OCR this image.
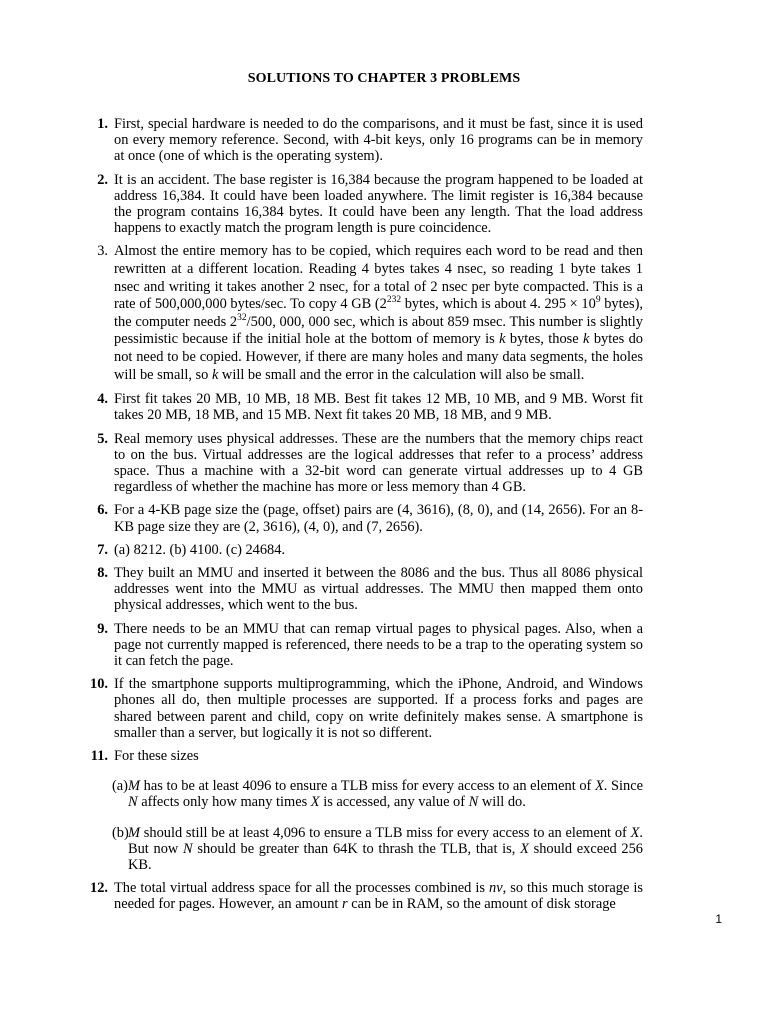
SOLUTIONS TO CHAPTER 3 PROBLEMS
1. First, special hardware is needed to do the comparisons, and it must be fast, since it is used on every memory reference. Second, with 4-bit keys, only 16 programs can be in memory at once (one of which is the operating system).
2. It is an accident. The base register is 16,384 because the program happened to be loaded at address 16,384. It could have been loaded anywhere. The limit register is 16,384 because the program contains 16,384 bytes. It could have been any length. That the load address happens to exactly match the program length is pure coincidence.
3. Almost the entire memory has to be copied, which requires each word to be read and then rewritten at a different location. Reading 4 bytes takes 4 nsec, so reading 1 byte takes 1 nsec and writing it takes another 2 nsec, for a total of 2 nsec per byte compacted. This is a rate of 500,000,000 bytes/sec. To copy 4 GB ($2^{232}$ bytes, which is about 4. $295 \times 10^9$ bytes), the computer needs $2^{32}/500$, 000, 000 sec, which is about 859 msec. This number is slightly pessimistic because if the initial hole at the bottom of memory is k bytes, those k bytes do not need to be copied. However, if there are many holes and many data segments, the holes will be small, so k will be small and the error in the calculation will also be small.
4. First fit takes 20 MB, 10 MB, 18 MB. Best fit takes 12 MB, 10 MB, and 9 MB. Worst fit takes 20 MB, 18 MB, and 15 MB. Next fit takes 20 MB, 18 MB, and 9 MB.
5. Real memory uses physical addresses. These are the numbers that the memory chips react to on the bus. Virtual addresses are the logical addresses that refer to a process’ address space. Thus a machine with a 32-bit word can generate virtual addresses up to 4 GB regardless of whether the machine has more or less memory than 4 GB.
6. For a 4-KB page size the (page, offset) pairs are (4, 3616), (8, 0), and (14, 2656). For an 8-KB page size they are (2, 3616), (4, 0), and (7, 2656).
7. (a) 8212. (b) 4100. (c) 24684.
8. They built an MMU and inserted it between the 8086 and the bus. Thus all 8086 physical addresses went into the MMU as virtual addresses. The MMU then mapped them onto physical addresses, which went to the bus.
9. There needs to be an MMU that can remap virtual pages to physical pages. Also, when a page not currently mapped is referenced, there needs to be a trap to the operating system so it can fetch the page.
10. If the smartphone supports multiprogramming, which the iPhone, Android, and Windows phones all do, then multiple processes are supported. If a process forks and pages are shared between parent and child, copy on write definitely makes sense. A smartphone is smaller than a server, but logically it is not so different.
11. For these sizes
(a) M has to be at least 4096 to ensure a TLB miss for every access to an element of X. Since N affects only how many times X is accessed, any value of N will do.
(b) M should still be at least 4,096 to ensure a TLB miss for every access to an element of X. But now N should be greater than 64K to thrash the TLB, that is, X should exceed 256 KB.
12. The total virtual address space for all the processes combined is nv, so this much storage is needed for pages. However, an amount r can be in RAM, so the amount of disk storage
1
